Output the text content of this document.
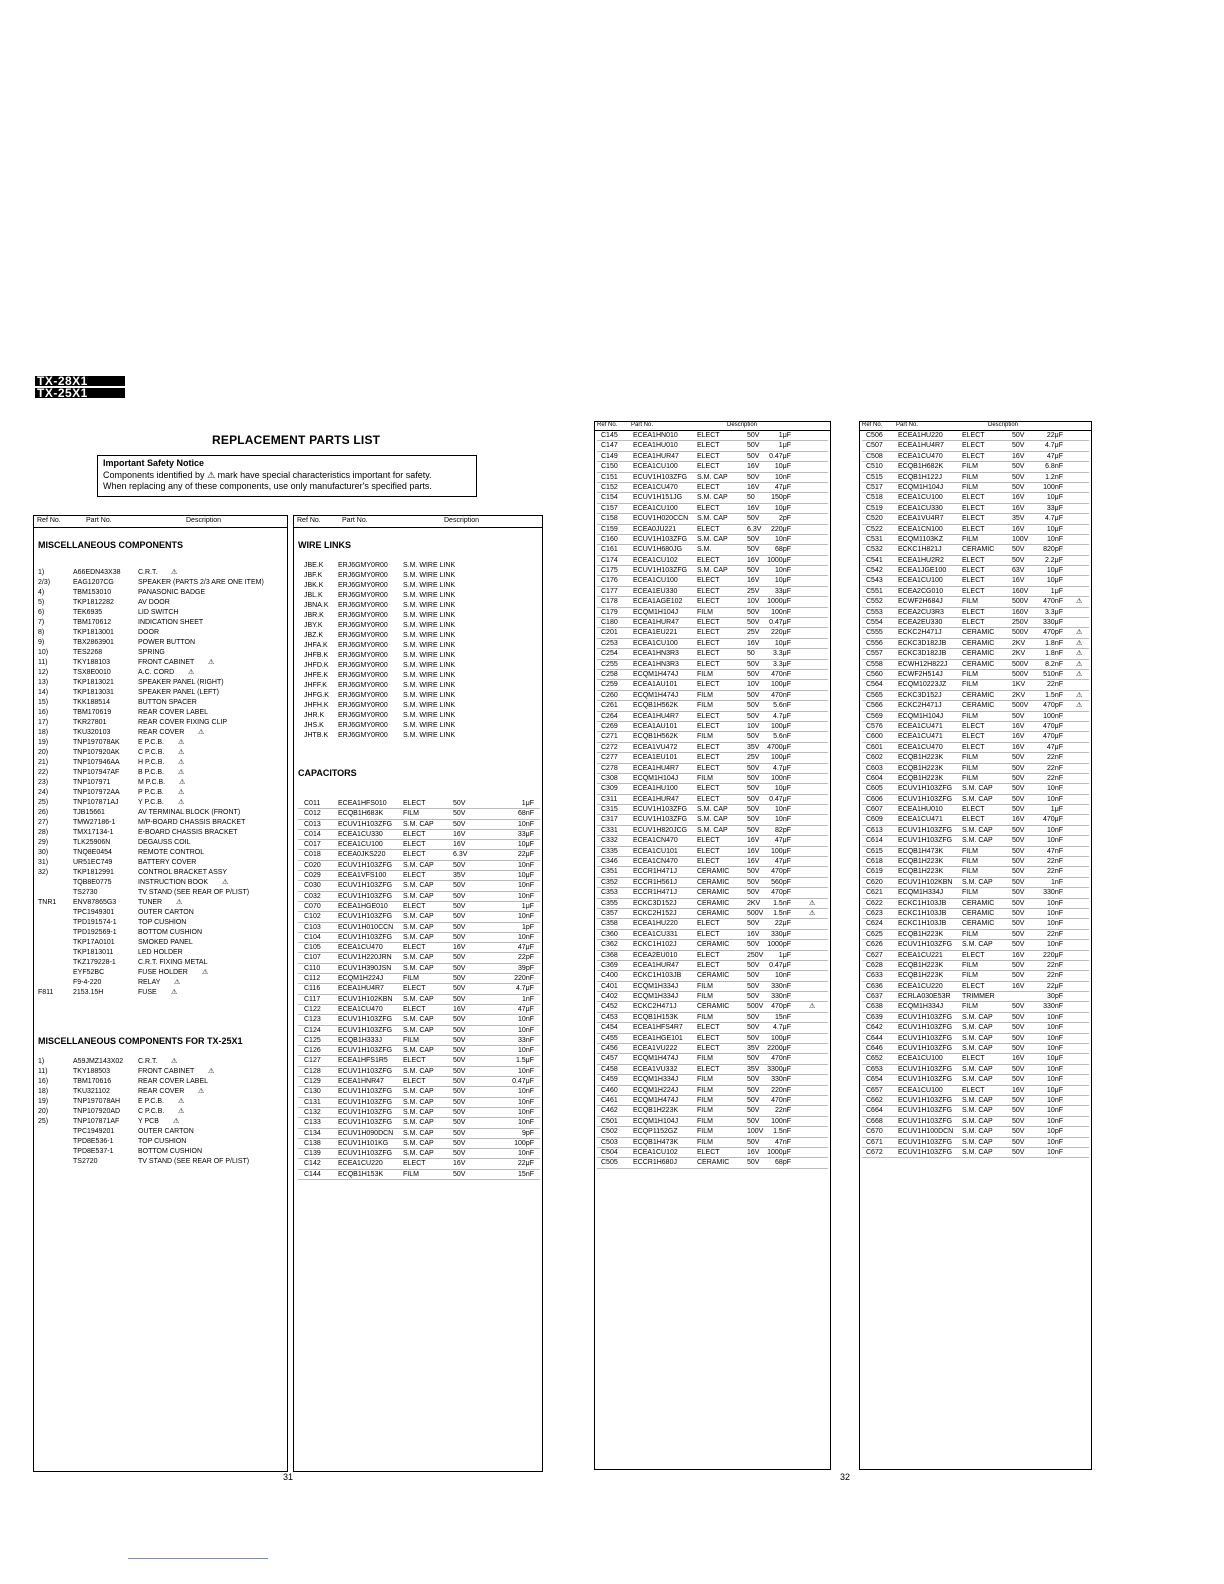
TX-28X1
TX-25X1
REPLACEMENT PARTS LIST
Important Safety Notice
Components identified by ⚠ mark have special characteristics important for safety.
When replacing any of these components, use only manufacturer's specified parts.
Ref No.	Part No.	Description
MISCELLANEOUS COMPONENTS
1)	A66EDN43X38	C.R.T. ⚠
2/3)	EAG1207CG	SPEAKER (PARTS 2/3 ARE ONE ITEM)
4)	TBM153010	PANASONIC BADGE
5)	TKP1812282	AV DOOR
6)	TEK6935	LID SWITCH
7)	TBM170612	INDICATION SHEET
8)	TKP1813001	DOOR
9)	TBX2863901	POWER BUTTON
10)	TES2268	SPRING
11)	TKY188103	FRONT CABINET ⚠
12)	TSX8E0010	A.C. CORD ⚠
13)	TKP1813021	SPEAKER PANEL (RIGHT)
14)	TKP1813031	SPEAKER PANEL (LEFT)
15)	TKK188514	BUTTON SPACER
16)	TBM170619	REAR COVER LABEL
17)	TKR27801	REAR COVER FIXING CLIP
18)	TKU320103	REAR COVER ⚠
19)	TNP197078AK	E P.C.B. ⚠
20)	TNP107920AK	C P.C.B. ⚠
21)	TNP107946AA	H P.C.B. ⚠
22)	TNP107947AF	B P.C.B. ⚠
23)	TNP107971	M P.C.B. ⚠
24)	TNP107972AA	P P.C.B. ⚠
25)	TNP107871AJ	Y P.C.B. ⚠
26)	TJB15661	AV TERMINAL BLOCK (FRONT)
27)	TMW27186-1	M/P-BOARD CHASSIS BRACKET
28)	TMX17134-1	E-BOARD CHASSIS BRACKET
29)	TLK25906N	DEGAUSS COIL
30)	TNQ8E0454	REMOTE CONTROL
31)	UR51EC749	BATTERY COVER
32)	TKP1812991	CONTROL BRACKET ASSY
TQB8E0775	INSTRUCTION BOOK ⚠
TS2730	TV STAND (SEE REAR OF P/LIST)
TNR1 ENV87865G3	TUNER ⚠
TPC1949301	OUTER CARTON
TPD191574-1	TOP CUSHION
TPD192569-1	BOTTOM CUSHION
TKP17A0101	SMOKED PANEL
TKP1813011	LED HOLDER
TKZ179228-1	C.R.T. FIXING METAL
EYF52BC	FUSE HOLDER ⚠
F9-4-220	RELAY ⚠
F811	2153.15H	FUSE ⚠
MISCELLANEOUS COMPONENTS FOR TX-25X1
1)	A59JMZ143X02 C.R.T. ⚠
11)	TKY188503	FRONT CABINET ⚠
16)	TBM170616	REAR COVER LABEL
18)	TKU321102	REAR COVER ⚠
19)	TNP197078AH	E P.C.B. ⚠
20)	TNP107920AD	C P.C.B. ⚠
25)	TNP107871AF	Y PCB ⚠
TPC1949201	OUTER CARTON
TPD8E536-1	TOP CUSHION
TPD8E537-1	BOTTOM CUSHION
TS2720	TV STAND (SEE REAR OF P/LIST)
Ref No.	Part No.	Description
WIRE LINKS
JBE.K ERJ6GMY0R00 S.M. WIRE LINK
JBF.K ERJ6GMY0R00 S.M. WIRE LINK
JBK.K ERJ6GMY0R00 S.M. WIRE LINK
JBL.K ERJ6GMY0R00 S.M. WIRE LINK
JBNA.K ERJ6GMY0R00 S.M. WIRE LINK
JBR.K ERJ6GMY0R00 S.M. WIRE LINK
JBY.K ERJ6GMY0R00 S.M. WIRE LINK
JBZ.K ERJ6GMY0R00 S.M. WIRE LINK
JHFA.K ERJ6GMY0R00 S.M. WIRE LINK
JHFB.K ERJ6GMY0R00 S.M. WIRE LINK
JHFD.K ERJ6GMY0R00 S.M. WIRE LINK
JHFE.K ERJ6GMY0R00 S.M. WIRE LINK
JHFF.K ERJ6GMY0R00 S.M. WIRE LINK
JHFG.K ERJ6GMY0R00 S.M. WIRE LINK
JHFH.K ERJ6GMY0R00 S.M. WIRE LINK
JHR.K ERJ6GMY0R00 S.M. WIRE LINK
JHS.K ERJ6GMY0R00 S.M. WIRE LINK
JHTB.K ERJ6GMY0R00 S.M. WIRE LINK
CAPACITORS
C011	ECEA1HFS010 ELECT	50V	1μF
C012 ECQB1H683K	FILM	50V	68nF
C013 ECUV1H103ZFG S.M. CAP	50V	10nF
C014 ECEA1CU330	ELECT	16V	33μF
C017 ECEA1CU100	ELECT	16V	10μF
C018 ECEA0JKS220	ELECT	6.3V	22μF
C020 ECUV1H103ZFG S.M. CAP	50V	10nF
C029 ECEA1VFS100 ELECT	35V	10μF
C030 ECUV1H103ZFG S.M. CAP	50V	10nF
C032 ECUV1H103ZFG S.M. CAP	50V	10nF
C070 ECEA1HGE010 ELECT	50V	1μF
C102 ECUV1H103ZFG S.M. CAP	50V	10nF
C103 ECUV1H010CCN S.M. CAP	50V	1pF
C104 ECUV1H103ZFG S.M. CAP	50V	10nF
C105 ECEA1CU470	ELECT	16V	47μF
C107 ECUV1H220JRN S.M. CAP	50V	22pF
C110	ECUV1H390JSN S.M. CAP	50V	39pF
C112	ECQM1H224J	FILM	50V	220nF
C116	ECEA1HU4R7	ELECT	50V	4.7μF
C117	ECUV1H102KBN S.M. CAP	50V	1nF
C122 ECEA1CU470	ELECT	16V	47μF
C123 ECUV1H103ZFG S.M. CAP	50V	10nF
C124 ECUV1H103ZFG S.M. CAP	50V	10nF
C125 ECQB1H333J	FILM	50V	33nF
C126 ECUV1H103ZFG S.M. CAP	50V	10nF
C127 ECEA1HFS1R5 ELECT	50V	1.5μF
C128 ECUV1H103ZFG S.M. CAP	50V	10nF
C129 ECEA1HNR47	ELECT	50V	0.47μF
C130 ECUV1H103ZFG S.M. CAP	50V	10nF
C131 ECUV1H103ZFG S.M. CAP	50V	10nF
C132 ECUV1H103ZFG S.M. CAP	50V	10nF
C133 ECUV1H103ZFG S.M. CAP	50V	10nF
C134 ECUV1H090DCN S.M. CAP	50V	9pF
C138 ECUV1H101KG S.M. CAP	50V	100pF
C139 ECUV1H103ZFG S.M. CAP	50V	10nF
C142 ECEA1CU220	ELECT	16V	22μF
C144 ECQB1H153K	FILM	50V	15nF
31
Ref No. Part No.	Description
C145 ECEA1HN010	ELECT	50V	1μF
C147 ECEA1HU010	ELECT	50V	1μF
C149 ECEA1HUR47	ELECT	50V 0.47μF
C150 ECEA1CU100	ELECT	16V 10μF
C151 ECUV1H103ZFG S.M. CAP	50V 10nF
C152 ECEA1CU470	ELECT	16V 47μF
C154 ECUV1H151JG S.M. CAP	50 150pF
C157 ECEA1CU100	ELECT	16V 10μF
C158 ECUV1H020CCN S.M. CAP	50V	2pF
C159 ECEA0JU221	ELECT	6.3V 220μF
C160 ECUV1H103ZFG S.M. CAP	50V 10nF
C161 ECUV1H680JG S.M.	50V 68pF
C174 ECEA1CU102	ELECT	16V 1000μF
C175 ECUV1H103ZFG S.M. CAP	50V 10nF
C176 ECEA1CU100	ELECT	16V 10μF
C177 ECEA1EU330	ELECT	25V 33μF
C178 ECEA1AGE102 ELECT	10V 1000μF
C179 ECQM1H104J	FILM	50V 100nF
C180 ECEA1HUR47	ELECT	50V 0.47μF
C201 ECEA1EU221	ELECT	25V 220μF
C253 ECEA1CU100	ELECT	16V 10μF
C254 ECEA1HN3R3	ELECT	50	3.3μF
C255 ECEA1HN3R3	ELECT	50V 3.3μF
C258 ECQM1H474J	FILM	50V 470nF
C259 ECEA1AU101	ELECT	10V 100μF
C260 ECQM1H474J	FILM	50V 470nF
C261 ECQB1H562K	FILM	50V 5.6nF
C264 ECEA1HU4R7	ELECT	50V 4.7μF
C269 ECEA1AU101	ELECT	10V 100μF
C271 ECQB1H562K	FILM	50V 5.6nF
C272 ECEA1VU472	ELECT	35V 4700μF
C277 ECEA1EU101	ELECT	25V 100μF
C278 ECEA1HU4R7	ELECT	50V 4.7μF
C308 ECQM1H104J	FILM	50V 100nF
C309 ECEA1HU100	ELECT	50V 10μF
C311 ECEA1HUR47	ELECT	50V 0.47μF
C315 ECUV1H103ZFG S.M. CAP	50V 10nF
C317 ECUV1H103ZFG S.M. CAP	50V 10nF
C331 ECUV1H820JCG S.M. CAP	50V 82pF
C332 ECEA1CN470	ELECT	16V 47μF
C335 ECEA1CU101	ELECT	16V 100μF
C346 ECEA1CN470	ELECT	16V 47μF
C351 ECCR1H471J	CERAMIC	50V 470pF
C352 ECCR1H561J	CERAMIC	50V 560pF
C353 ECCR1H471J	CERAMIC	50V 470pF
C355 ECKC3D152J	CERAMIC	2KV 1.5nF	⚠
C357 ECKC2H152J	CERAMIC	500V 1.5nF	⚠
C358 ECEA1HU220	ELECT	50V 22μF
C360 ECEA1CU331	ELECT	16V 330μF
C362 ECKC1H102J	CERAMIC	50V 1000pF
C368 ECEA2EU010	ELECT	250V 1μF
C369 ECEA1HUR47	ELECT	50V 0.47μF
C400 ECKC1H103JB CERAMIC	50V 10nF
C401 ECQM1H334J	FILM	50V 330nF
C402 ECQM1H334J	FILM	50V 330nF
C452 ECKC2H471J	CERAMIC	500V 470pF	⚠
C453 ECQB1H153K	FILM	50V 15nF
C454 ECEA1HFS4R7 ELECT	50V 4.7μF
C455 ECEA1HGE101 ELECT	50V 100μF
C456 ECEA1VU222	ELECT	35V 2200μF
C457 ECQM1H474J	FILM	50V 470nF
C458 ECEA1VU332	ELECT	35V 3300μF
C459 ECQM1H334J	FILM	50V 330nF
C460 ECQM1H224J	FILM	50V 220nF
C461 ECQM1H474J	FILM	50V 470nF
C462 ECQB1H223K	FILM	50V 22nF
C501 ECQM1H104J	FILM	50V 100nF
C502 ECQP1152GZ	FILM	100V 1.5nF
C503 ECQB1H473K	FILM	50V 47nF
C504 ECEA1CU102	ELECT	16V 1000μF
C505 ECCR1H680J	CERAMIC	50V 68pF
Ref No. Part No.	Description
C506 ECEA1HU220	ELECT	50V	22μF
C507 ECEA1HU4R7	ELECT	50V	4.7μF
C508 ECEA1CU470	ELECT	16V	47μF
C510 ECQB1H682K	FILM	50V	6.8nF
C515 ECQB1H122J	FILM	50V	1.2nF
C517 ECQM1H104J	FILM	50V	100nF
C518 ECEA1CU100	ELECT	16V	10μF
C519 ECEA1CU330	ELECT	16V	33μF
C520 ECEA1VU4R7	ELECT	35V	4.7μF
C522 ECEA1CN100	ELECT	16V	10μF
C531 ECQM1103KZ	FILM	100V	10nF
C532 ECKC1H821J	CERAMIC	50V	820pF
C541 ECEA1HU2R2	ELECT	50V	2.2μF
C542 ECEA1JGE100 ELECT	63V	10μF
C543 ECEA1CU100	ELECT	16V	10μF
C551 ECEA2CG010	ELECT	160V	1μF
C552 ECWF2H684J	FILM	500V 470nF ⚠
C553 ECEA2CU3R3	ELECT	160V 3.3μF
C554 ECEA2EU330	ELECT	250V 330μF
C555 ECKC2H471J	CERAMIC	500V 470pF ⚠
C556 ECKC3D182JB CERAMIC	2KV	1.8nF ⚠
C557 ECKC3D182JB CERAMIC	2KV	1.8nF ⚠
C558 ECWH12H822J CERAMIC	500V 8.2nF ⚠
C560 ECWF2H514J	FILM	500V 510nF ⚠
C564 ECQM10223JZ FILM	1KV	22nF
C565 ECKC3D152J	CERAMIC	2KV	1.5nF ⚠
C566 ECKC2H471J	CERAMIC	500V 470pF ⚠
C569 ECQM1H104J	FILM	50V	100nF
C576 ECEA1CU471	ELECT	16V	470μF
C600 ECEA1CU471	ELECT	16V	470μF
C601 ECEA1CU470	ELECT	16V	47μF
C602 ECQB1H223K	FILM	50V	22nF
C603 ECQB1H223K	FILM	50V	22nF
C604 ECQB1H223K	FILM	50V	22nF
C605 ECUV1H103ZFG S.M. CAP	50V	10nF
C606 ECUV1H103ZFG S.M. CAP	50V	10nF
C607 ECEA1HU010	ELECT	50V	1μF
C609 ECEA1CU471	ELECT	16V	470μF
C613 ECUV1H103ZFG S.M. CAP	50V	10nF
C614 ECUV1H103ZFG S.M. CAP	50V	10nF
C615 ECQB1H473K	FILM	50V	47nF
C618 ECQB1H223K	FILM	50V	22nF
C619 ECQB1H223K	FILM	50V	22nF
C620 ECUV1H102KBN S.M. CAP	50V	1nF
C621 ECQM1H334J	FILM	50V	330nF
C622 ECKC1H103JB CERAMIC	50V	10nF
C623 ECKC1H103JB CERAMIC	50V	10nF
C624 ECKC1H103JB CERAMIC	50V	10nF
C625 ECQB1H223K	FILM	50V	22nF
C626 ECUV1H103ZFG S.M. CAP	50V	10nF
C627 ECEA1CU221	ELECT	16V	220μF
C628 ECQB1H223K	FILM	50V	22nF
C633 ECQB1H223K	FILM	50V	22nF
C636 ECEA1CU220	ELECT	16V	22μF
C637 ECRLA030E53R TRIMMER	30pF
C638 ECQM1H334J	FILM	50V	330nF
C639 ECUV1H103ZFG S.M. CAP	50V	10nF
C642 ECUV1H103ZFG S.M. CAP	50V	10nF
C644 ECUV1H103ZFG S.M. CAP	50V	10nF
C646 ECUV1H103ZFG S.M. CAP	50V	10nF
C652 ECEA1CU100	ELECT	16V	10μF
C653 ECUV1H103ZFG S.M. CAP	50V	10nF
C654 ECUV1H103ZFG S.M. CAP	50V	10nF
C657 ECEA1CU100	ELECT	16V	10μF
C662 ECUV1H103ZFG S.M. CAP	50V	10nF
C664 ECUV1H103ZFG S.M. CAP	50V	10nF
C668 ECUV1H103ZFG S.M. CAP	50V	10nF
C670 ECUV1H100DCN S.M. CAP	50V	10pF
C671 ECUV1H103ZFG S.M. CAP	50V	10nF
C672 ECUV1H103ZFG S.M. CAP	50V	10nF
32
